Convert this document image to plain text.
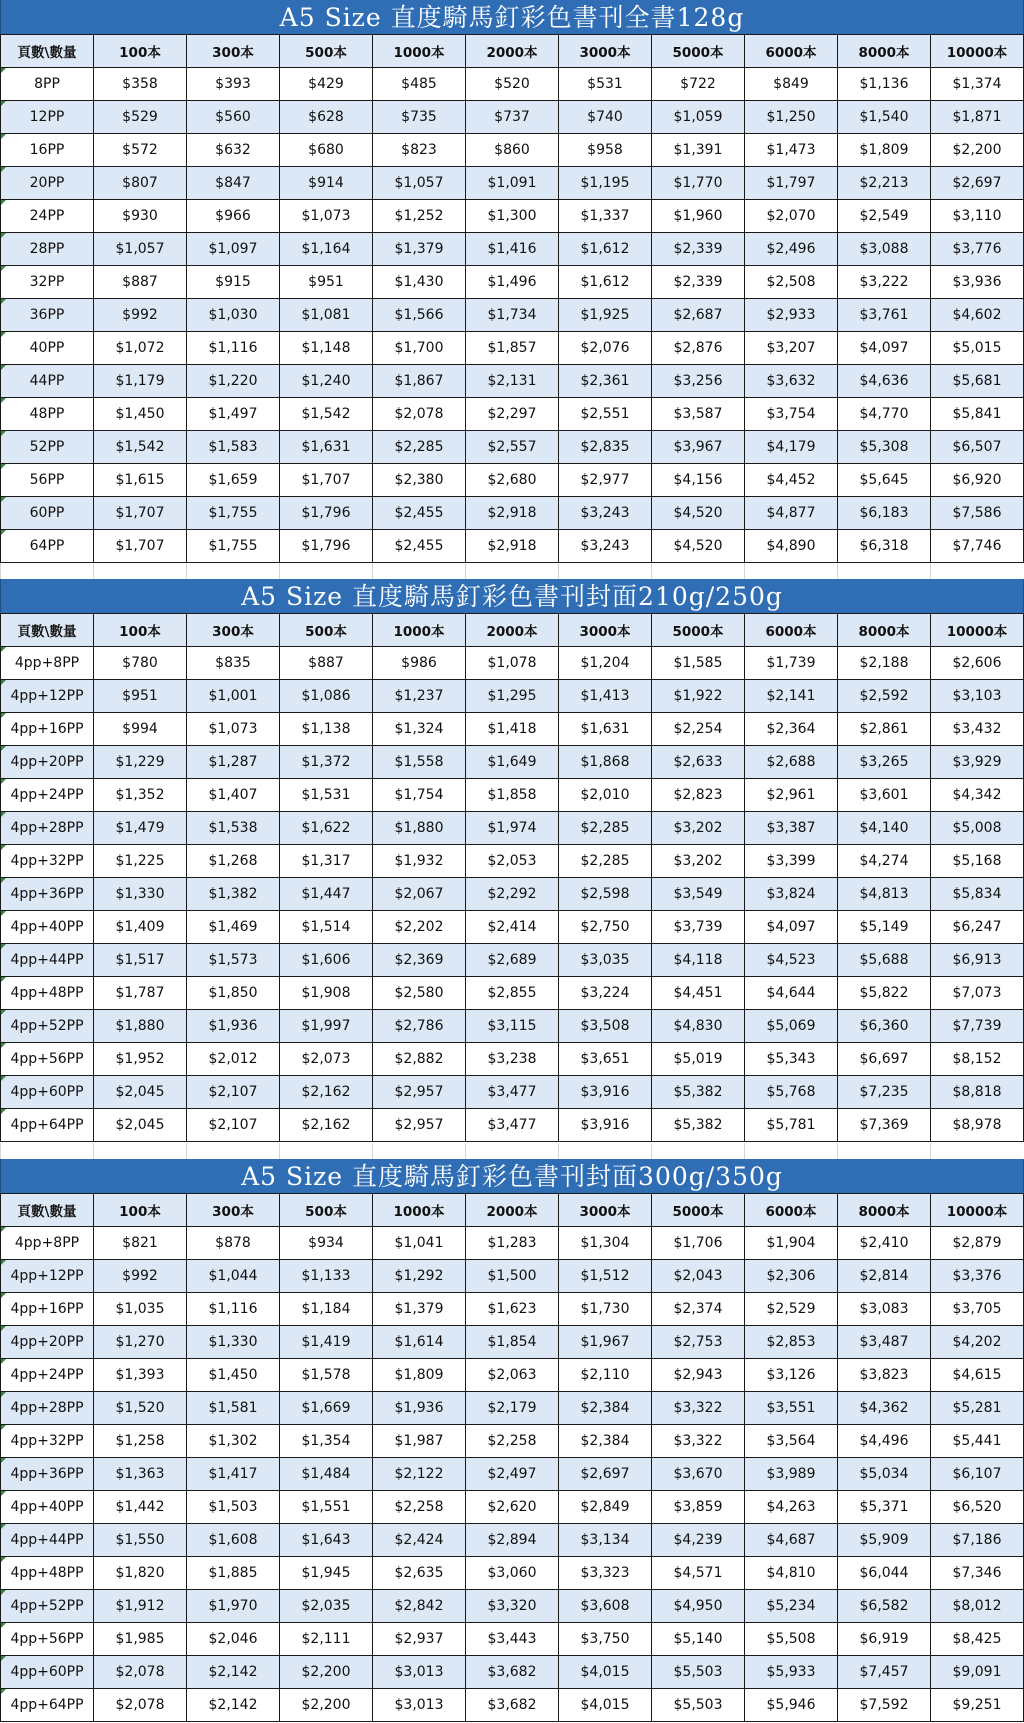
A5 Size 直度騎馬釘彩色書刊全書128g
頁數\數量	100本	300本	500本	1000本	2000本	3000本	5000本	6000本	8000本	10000本
8PP	$358	$393	$429	$485	$520	$531	$722	$849	$1,136	$1,374
12PP	$529	$560	$628	$735	$737	$740	$1,059	$1,250	$1,540	$1,871
16PP	$572	$632	$680	$823	$860	$958	$1,391	$1,473	$1,809	$2,200
20PP	$807	$847	$914	$1,057	$1,091	$1,195	$1,770	$1,797	$2,213	$2,697
24PP	$930	$966	$1,073	$1,252	$1,300	$1,337	$1,960	$2,070	$2,549	$3,110
28PP	$1,057	$1,097	$1,164	$1,379	$1,416	$1,612	$2,339	$2,496	$3,088	$3,776
32PP	$887	$915	$951	$1,430	$1,496	$1,612	$2,339	$2,508	$3,222	$3,936
36PP	$992	$1,030	$1,081	$1,566	$1,734	$1,925	$2,687	$2,933	$3,761	$4,602
40PP	$1,072	$1,116	$1,148	$1,700	$1,857	$2,076	$2,876	$3,207	$4,097	$5,015
44PP	$1,179	$1,220	$1,240	$1,867	$2,131	$2,361	$3,256	$3,632	$4,636	$5,681
48PP	$1,450	$1,497	$1,542	$2,078	$2,297	$2,551	$3,587	$3,754	$4,770	$5,841
52PP	$1,542	$1,583	$1,631	$2,285	$2,557	$2,835	$3,967	$4,179	$5,308	$6,507
56PP	$1,615	$1,659	$1,707	$2,380	$2,680	$2,977	$4,156	$4,452	$5,645	$6,920
60PP	$1,707	$1,755	$1,796	$2,455	$2,918	$3,243	$4,520	$4,877	$6,183	$7,586
64PP	$1,707	$1,755	$1,796	$2,455	$2,918	$3,243	$4,520	$4,890	$6,318	$7,746
A5 Size 直度騎馬釘彩色書刊封面210g/250g
頁數\數量	100本	300本	500本	1000本	2000本	3000本	5000本	6000本	8000本	10000本
4pp+8PP	$780	$835	$887	$986	$1,078	$1,204	$1,585	$1,739	$2,188	$2,606
4pp+12PP	$951	$1,001	$1,086	$1,237	$1,295	$1,413	$1,922	$2,141	$2,592	$3,103
4pp+16PP	$994	$1,073	$1,138	$1,324	$1,418	$1,631	$2,254	$2,364	$2,861	$3,432
4pp+20PP	$1,229	$1,287	$1,372	$1,558	$1,649	$1,868	$2,633	$2,688	$3,265	$3,929
4pp+24PP	$1,352	$1,407	$1,531	$1,754	$1,858	$2,010	$2,823	$2,961	$3,601	$4,342
4pp+28PP	$1,479	$1,538	$1,622	$1,880	$1,974	$2,285	$3,202	$3,387	$4,140	$5,008
4pp+32PP	$1,225	$1,268	$1,317	$1,932	$2,053	$2,285	$3,202	$3,399	$4,274	$5,168
4pp+36PP	$1,330	$1,382	$1,447	$2,067	$2,292	$2,598	$3,549	$3,824	$4,813	$5,834
4pp+40PP	$1,409	$1,469	$1,514	$2,202	$2,414	$2,750	$3,739	$4,097	$5,149	$6,247
4pp+44PP	$1,517	$1,573	$1,606	$2,369	$2,689	$3,035	$4,118	$4,523	$5,688	$6,913
4pp+48PP	$1,787	$1,850	$1,908	$2,580	$2,855	$3,224	$4,451	$4,644	$5,822	$7,073
4pp+52PP	$1,880	$1,936	$1,997	$2,786	$3,115	$3,508	$4,830	$5,069	$6,360	$7,739
4pp+56PP	$1,952	$2,012	$2,073	$2,882	$3,238	$3,651	$5,019	$5,343	$6,697	$8,152
4pp+60PP	$2,045	$2,107	$2,162	$2,957	$3,477	$3,916	$5,382	$5,768	$7,235	$8,818
4pp+64PP	$2,045	$2,107	$2,162	$2,957	$3,477	$3,916	$5,382	$5,781	$7,369	$8,978
A5 Size 直度騎馬釘彩色書刊封面300g/350g
頁數\數量	100本	300本	500本	1000本	2000本	3000本	5000本	6000本	8000本	10000本
4pp+8PP	$821	$878	$934	$1,041	$1,283	$1,304	$1,706	$1,904	$2,410	$2,879
4pp+12PP	$992	$1,044	$1,133	$1,292	$1,500	$1,512	$2,043	$2,306	$2,814	$3,376
4pp+16PP	$1,035	$1,116	$1,184	$1,379	$1,623	$1,730	$2,374	$2,529	$3,083	$3,705
4pp+20PP	$1,270	$1,330	$1,419	$1,614	$1,854	$1,967	$2,753	$2,853	$3,487	$4,202
4pp+24PP	$1,393	$1,450	$1,578	$1,809	$2,063	$2,110	$2,943	$3,126	$3,823	$4,615
4pp+28PP	$1,520	$1,581	$1,669	$1,936	$2,179	$2,384	$3,322	$3,551	$4,362	$5,281
4pp+32PP	$1,258	$1,302	$1,354	$1,987	$2,258	$2,384	$3,322	$3,564	$4,496	$5,441
4pp+36PP	$1,363	$1,417	$1,484	$2,122	$2,497	$2,697	$3,670	$3,989	$5,034	$6,107
4pp+40PP	$1,442	$1,503	$1,551	$2,258	$2,620	$2,849	$3,859	$4,263	$5,371	$6,520
4pp+44PP	$1,550	$1,608	$1,643	$2,424	$2,894	$3,134	$4,239	$4,687	$5,909	$7,186
4pp+48PP	$1,820	$1,885	$1,945	$2,635	$3,060	$3,323	$4,571	$4,810	$6,044	$7,346
4pp+52PP	$1,912	$1,970	$2,035	$2,842	$3,320	$3,608	$4,950	$5,234	$6,582	$8,012
4pp+56PP	$1,985	$2,046	$2,111	$2,937	$3,443	$3,750	$5,140	$5,508	$6,919	$8,425
4pp+60PP	$2,078	$2,142	$2,200	$3,013	$3,682	$4,015	$5,503	$5,933	$7,457	$9,091
4pp+64PP	$2,078	$2,142	$2,200	$3,013	$3,682	$4,015	$5,503	$5,946	$7,592	$9,251
